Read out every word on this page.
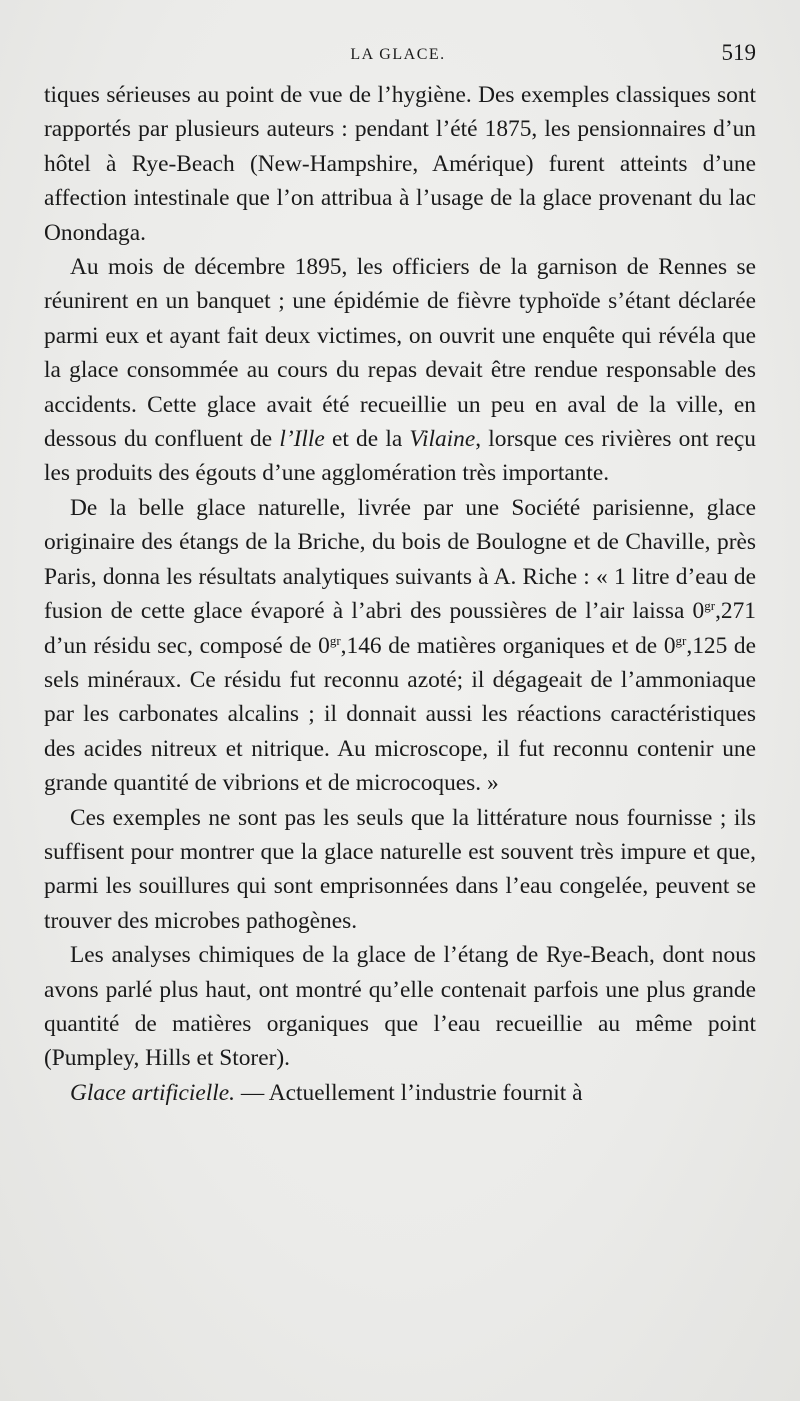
LA GLACE.	519

tiques sérieuses au point de vue de l’hygiène. Des exemples classiques sont rapportés par plusieurs auteurs : pendant l’été 1875, les pensionnaires d’un hôtel à Rye-Beach (New-Hampshire, Amérique) furent atteints d’une affection intestinale que l’on attribua à l’usage de la glace provenant du lac Onondaga.

Au mois de décembre 1895, les officiers de la garnison de Rennes se réunirent en un banquet ; une épidémie de fièvre typhoïde s’étant déclarée parmi eux et ayant fait deux victimes, on ouvrit une enquête qui révéla que la glace consommée au cours du repas devait être rendue responsable des accidents. Cette glace avait été recueillie un peu en aval de la ville, en dessous du confluent de l’Ille et de la Vilaine, lorsque ces rivières ont reçu les produits des égouts d’une agglomération très importante.

De la belle glace naturelle, livrée par une Société parisienne, glace originaire des étangs de la Briche, du bois de Boulogne et de Chaville, près Paris, donna les résultats analytiques suivants à A. Riche : « 1 litre d’eau de fusion de cette glace évaporé à l’abri des poussières de l’air laissa $0^{gr},271$ d’un résidu sec, composé de $0^{gr},146$ de matières organiques et de $0^{gr},125$ de sels minéraux. Ce résidu fut reconnu azoté; il dégageait de l’ammoniaque par les carbonates alcalins ; il donnait aussi les réactions caractéristiques des acides nitreux et nitrique. Au microscope, il fut reconnu contenir une grande quantité de vibrions et de microcoques. »

Ces exemples ne sont pas les seuls que la littérature nous fournisse ; ils suffisent pour montrer que la glace naturelle est souvent très impure et que, parmi les souillures qui sont emprisonnées dans l’eau congelée, peuvent se trouver des microbes pathogènes.

Les analyses chimiques de la glace de l’étang de Rye-Beach, dont nous avons parlé plus haut, ont montré qu’elle contenait parfois une plus grande quantité de matières organiques que l’eau recueillie au même point (Pumpley, Hills et Storer).

Glace artificielle. — Actuellement l’industrie fournit à
